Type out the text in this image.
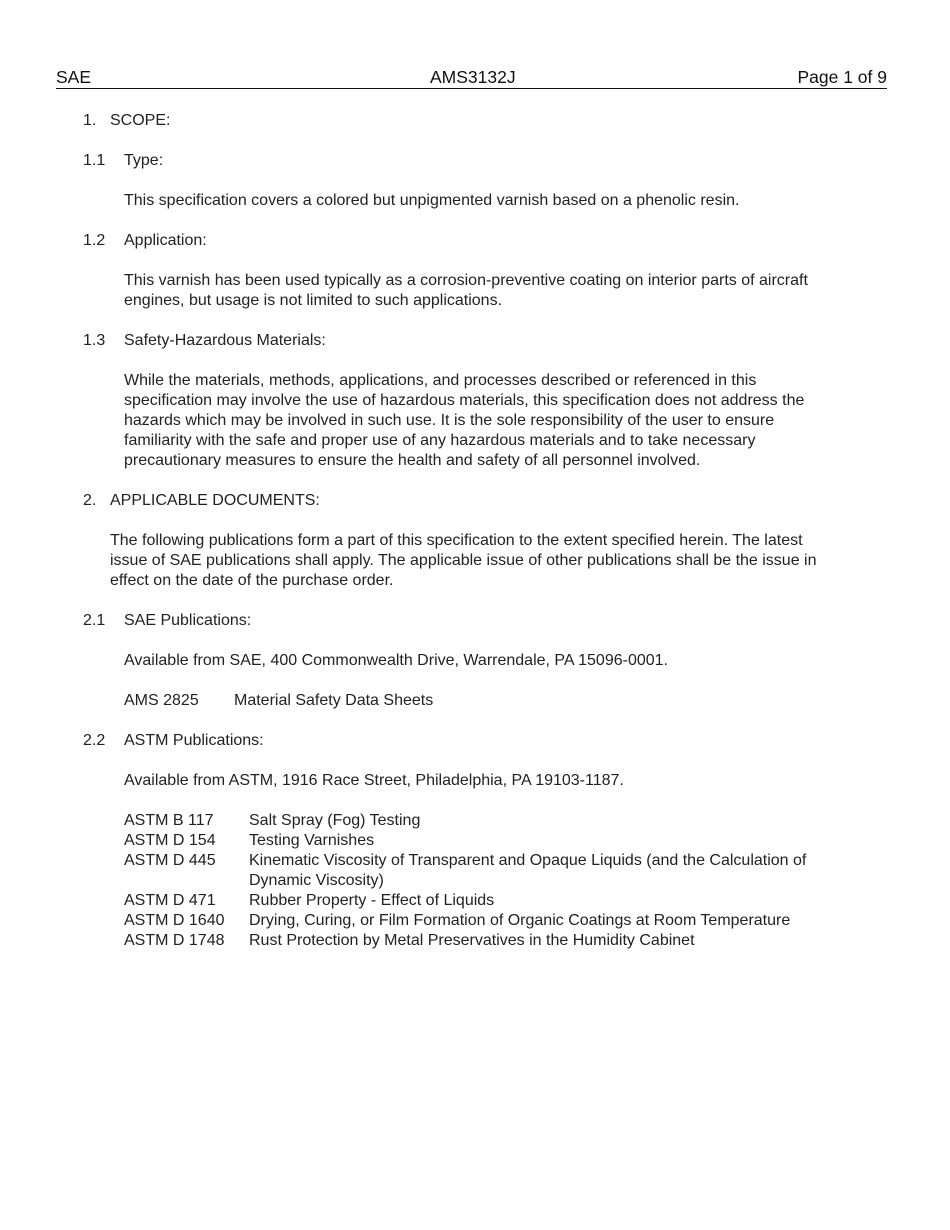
SAE	AMS3132J	Page 1 of 9
1. SCOPE:
1.1 Type:
This specification covers a colored but unpigmented varnish based on a phenolic resin.
1.2 Application:
This varnish has been used typically as a corrosion-preventive coating on interior parts of aircraft
engines, but usage is not limited to such applications.
1.3 Safety-Hazardous Materials:
While the materials, methods, applications, and processes described or referenced in this
specification may involve the use of hazardous materials, this specification does not address the
hazards which may be involved in such use. It is the sole responsibility of the user to ensure
familiarity with the safe and proper use of any hazardous materials and to take necessary
precautionary measures to ensure the health and safety of all personnel involved.
2. APPLICABLE DOCUMENTS:
The following publications form a part of this specification to the extent specified herein. The latest
issue of SAE publications shall apply. The applicable issue of other publications shall be the issue in
effect on the date of the purchase order.
2.1 SAE Publications:
Available from SAE, 400 Commonwealth Drive, Warrendale, PA 15096-0001.
AMS 2825 Material Safety Data Sheets
2.2 ASTM Publications:
Available from ASTM, 1916 Race Street, Philadelphia, PA 19103-1187.
ASTM B 117 Salt Spray (Fog) Testing
ASTM D 154 Testing Varnishes
ASTM D 445 Kinematic Viscosity of Transparent and Opaque Liquids (and the Calculation of
Dynamic Viscosity)
ASTM D 471 Rubber Property - Effect of Liquids
ASTM D 1640 Drying, Curing, or Film Formation of Organic Coatings at Room Temperature
ASTM D 1748 Rust Protection by Metal Preservatives in the Humidity Cabinet
